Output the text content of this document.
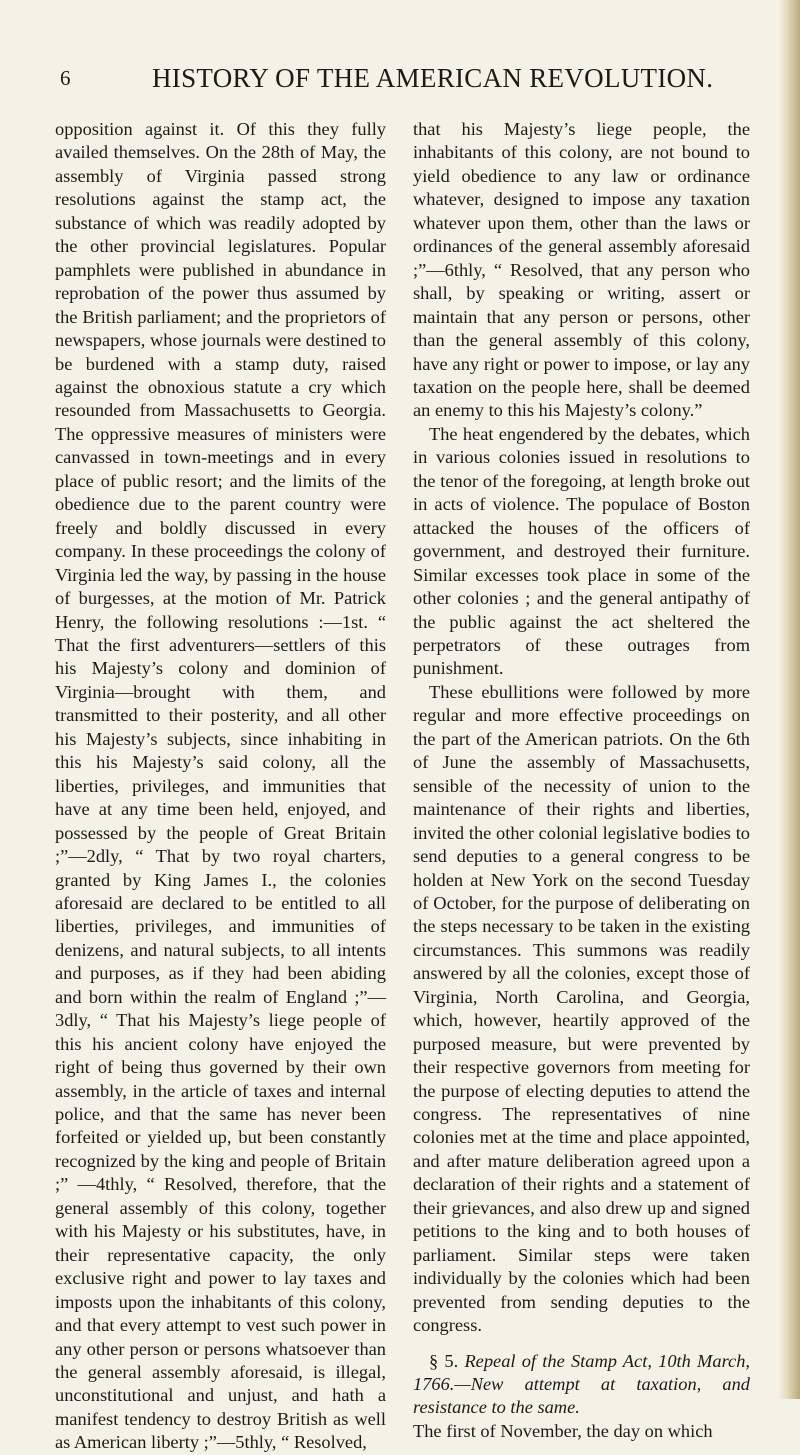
6	HISTORY OF THE AMERICAN REVOLUTION.

opposition against it. Of this they fully availed themselves. On the 28th of May, the assembly of Virginia passed strong resolutions against the stamp act, the substance of which was readily adopted by the other provincial legislatures. Popular pamphlets were published in abundance in reprobation of the power thus assumed by the British parliament; and the proprietors of newspapers, whose journals were destined to be burdened with a stamp duty, raised against the obnoxious statute a cry which resounded from Massachusetts to Georgia. The oppressive measures of ministers were canvassed in town-meetings and in every place of public resort; and the limits of the obedience due to the parent country were freely and boldly discussed in every company. In these proceedings the colony of Virginia led the way, by passing in the house of burgesses, at the motion of Mr. Patrick Henry, the following resolutions :—1st. “ That the first adventurers—settlers of this his Majesty’s colony and dominion of Virginia—brought with them, and transmitted to their posterity, and all other his Majesty’s subjects, since inhabiting in this his Majesty’s said colony, all the liberties, privileges, and immunities that have at any time been held, enjoyed, and possessed by the people of Great Britain ;”—2dly, “ That by two royal charters, granted by King James I., the colonies aforesaid are declared to be entitled to all liberties, privileges, and immunities of denizens, and natural subjects, to all intents and purposes, as if they had been abiding and born within the realm of England ;”—3dly, “ That his Majesty’s liege people of this his ancient colony have enjoyed the right of being thus governed by their own assembly, in the article of taxes and internal police, and that the same has never been forfeited or yielded up, but been constantly recognized by the king and people of Britain ;” —4thly, “ Resolved, therefore, that the general assembly of this colony, together with his Majesty or his substitutes, have, in their representative capacity, the only exclusive right and power to lay taxes and imposts upon the inhabitants of this colony, and that every attempt to vest such power in any other person or persons whatsoever than the general assembly aforesaid, is illegal, unconstitutional and unjust, and hath a manifest tendency to destroy British as well as American liberty ;”—5thly, “ Resolved,

that his Majesty’s liege people, the inhabitants of this colony, are not bound to yield obedience to any law or ordinance whatever, designed to impose any taxation whatever upon them, other than the laws or ordinances of the general assembly aforesaid ;”—6thly, “ Resolved, that any person who shall, by speaking or writing, assert or maintain that any person or persons, other than the general assembly of this colony, have any right or power to impose, or lay any taxation on the people here, shall be deemed an enemy to this his Majesty’s colony.”

The heat engendered by the debates, which in various colonies issued in resolutions to the tenor of the foregoing, at length broke out in acts of violence. The populace of Boston attacked the houses of the officers of government, and destroyed their furniture. Similar excesses took place in some of the other colonies ; and the general antipathy of the public against the act sheltered the perpetrators of these outrages from punishment.

These ebullitions were followed by more regular and more effective proceedings on the part of the American patriots. On the 6th of June the assembly of Massachusetts, sensible of the necessity of union to the maintenance of their rights and liberties, invited the other colonial legislative bodies to send deputies to a general congress to be holden at New York on the second Tuesday of October, for the purpose of deliberating on the steps necessary to be taken in the existing circumstances. This summons was readily answered by all the colonies, except those of Virginia, North Carolina, and Georgia, which, however, heartily approved of the purposed measure, but were prevented by their respective governors from meeting for the purpose of electing deputies to attend the congress. The representatives of nine colonies met at the time and place appointed, and after mature deliberation agreed upon a declaration of their rights and a statement of their grievances, and also drew up and signed petitions to the king and to both houses of parliament. Similar steps were taken individually by the colonies which had been prevented from sending deputies to the congress.

§ 5. Repeal of the Stamp Act, 10th March, 1766.—New attempt at taxation, and resistance to the same.

The first of November, the day on which
